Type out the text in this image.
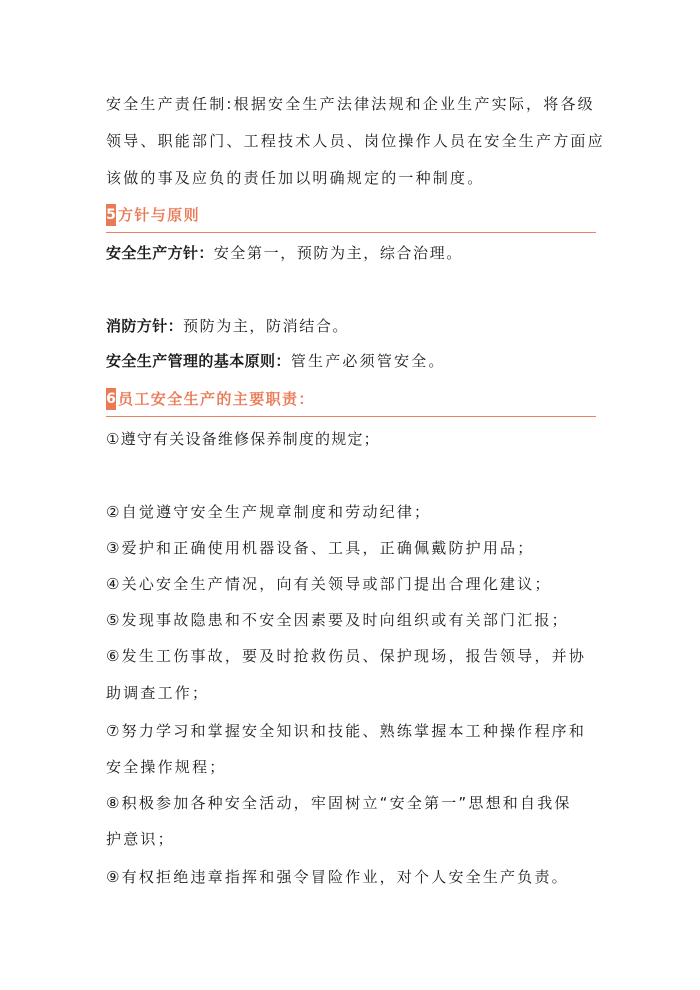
安全生产责任制:根据安全生产法律法规和企业生产实际，将各级
领导、职能部门、工程技术人员、岗位操作人员在安全生产方面应
该做的事及应负的责任加以明确规定的一种制度。
5 方针与原则
安全生产方针：安全第一，预防为主，综合治理。
消防方针：预防为主，防消结合。
安全生产管理的基本原则：管生产必须管安全。
6 员工安全生产的主要职责：
①遵守有关设备维修保养制度的规定；
②自觉遵守安全生产规章制度和劳动纪律；
③爱护和正确使用机器设备、工具，正确佩戴防护用品；
④关心安全生产情况，向有关领导或部门提出合理化建议；
⑤发现事故隐患和不安全因素要及时向组织或有关部门汇报；
⑥发生工伤事故，要及时抢救伤员、保护现场，报告领导，并协
助调查工作；
⑦努力学习和掌握安全知识和技能、熟练掌握本工种操作程序和
安全操作规程；
⑧积极参加各种安全活动，牢固树立“安全第一”思想和自我保
护意识；
⑨有权拒绝违章指挥和强令冒险作业，对个人安全生产负责。
